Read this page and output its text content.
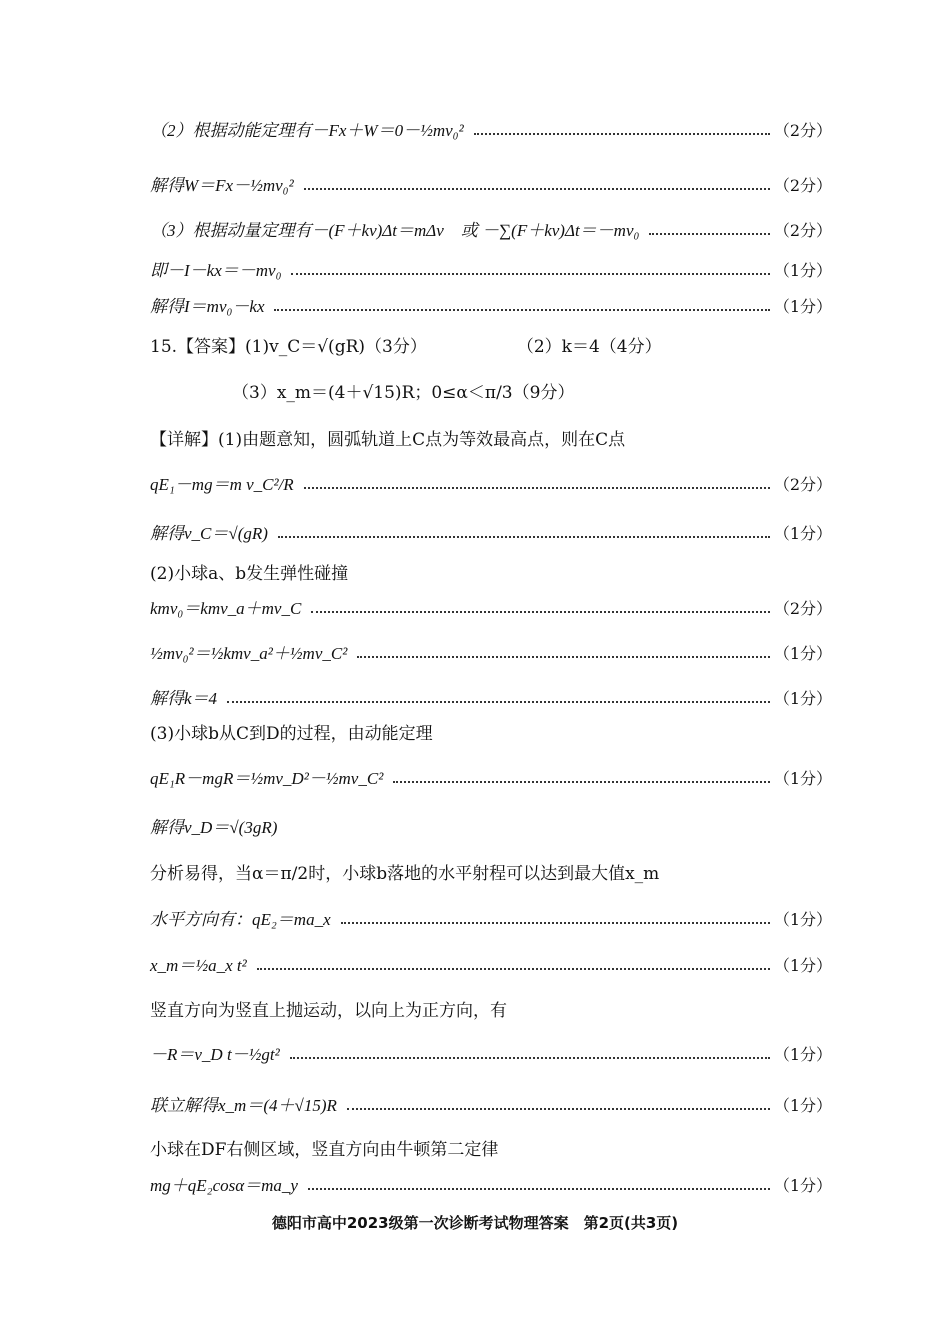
（2）根据动能定理有－Fx＋W＝0－½mv₀²	（2分）
解得W＝Fx－½mv₀²	（2分）
（3）根据动量定理有－(F＋kv)Δt＝mΔv　或 －∑(F＋kv)Δt＝－mv₀	（2分）
即－I－kx＝－mv₀	（1分）
解得I＝mv₀－kx	（1分）
15.【答案】(1)v_C＝√(gR)（3分）	（2）k＝4（4分）
（3）x_m＝(4＋√15)R；0≤α＜π/3（9分）
【详解】(1)由题意知，圆弧轨道上C点为等效最高点，则在C点
qE₁－mg＝m v_C²/R	（2分）
解得v_C＝√(gR)	（1分）
(2)小球a、b发生弹性碰撞
kmv₀＝kmv_a＋mv_C	（2分）
½mv₀²＝½kmv_a²＋½mv_C²	（1分）
解得k＝4	（1分）
(3)小球b从C到D的过程，由动能定理
qE₁R－mgR＝½mv_D²－½mv_C²	（1分）
解得v_D＝√(3gR)
分析易得，当α＝π/2时，小球b落地的水平射程可以达到最大值x_m
水平方向有：qE₂＝ma_x	（1分）
x_m＝½a_x t²	（1分）
竖直方向为竖直上抛运动，以向上为正方向，有
－R＝v_D t－½gt²	（1分）
联立解得x_m＝(4＋√15)R	（1分）
小球在DF右侧区域，竖直方向由牛顿第二定律
mg＋qE₂cosα＝ma_y	（1分）
德阳市高中2023级第一次诊断考试物理答案　第2页(共3页)
